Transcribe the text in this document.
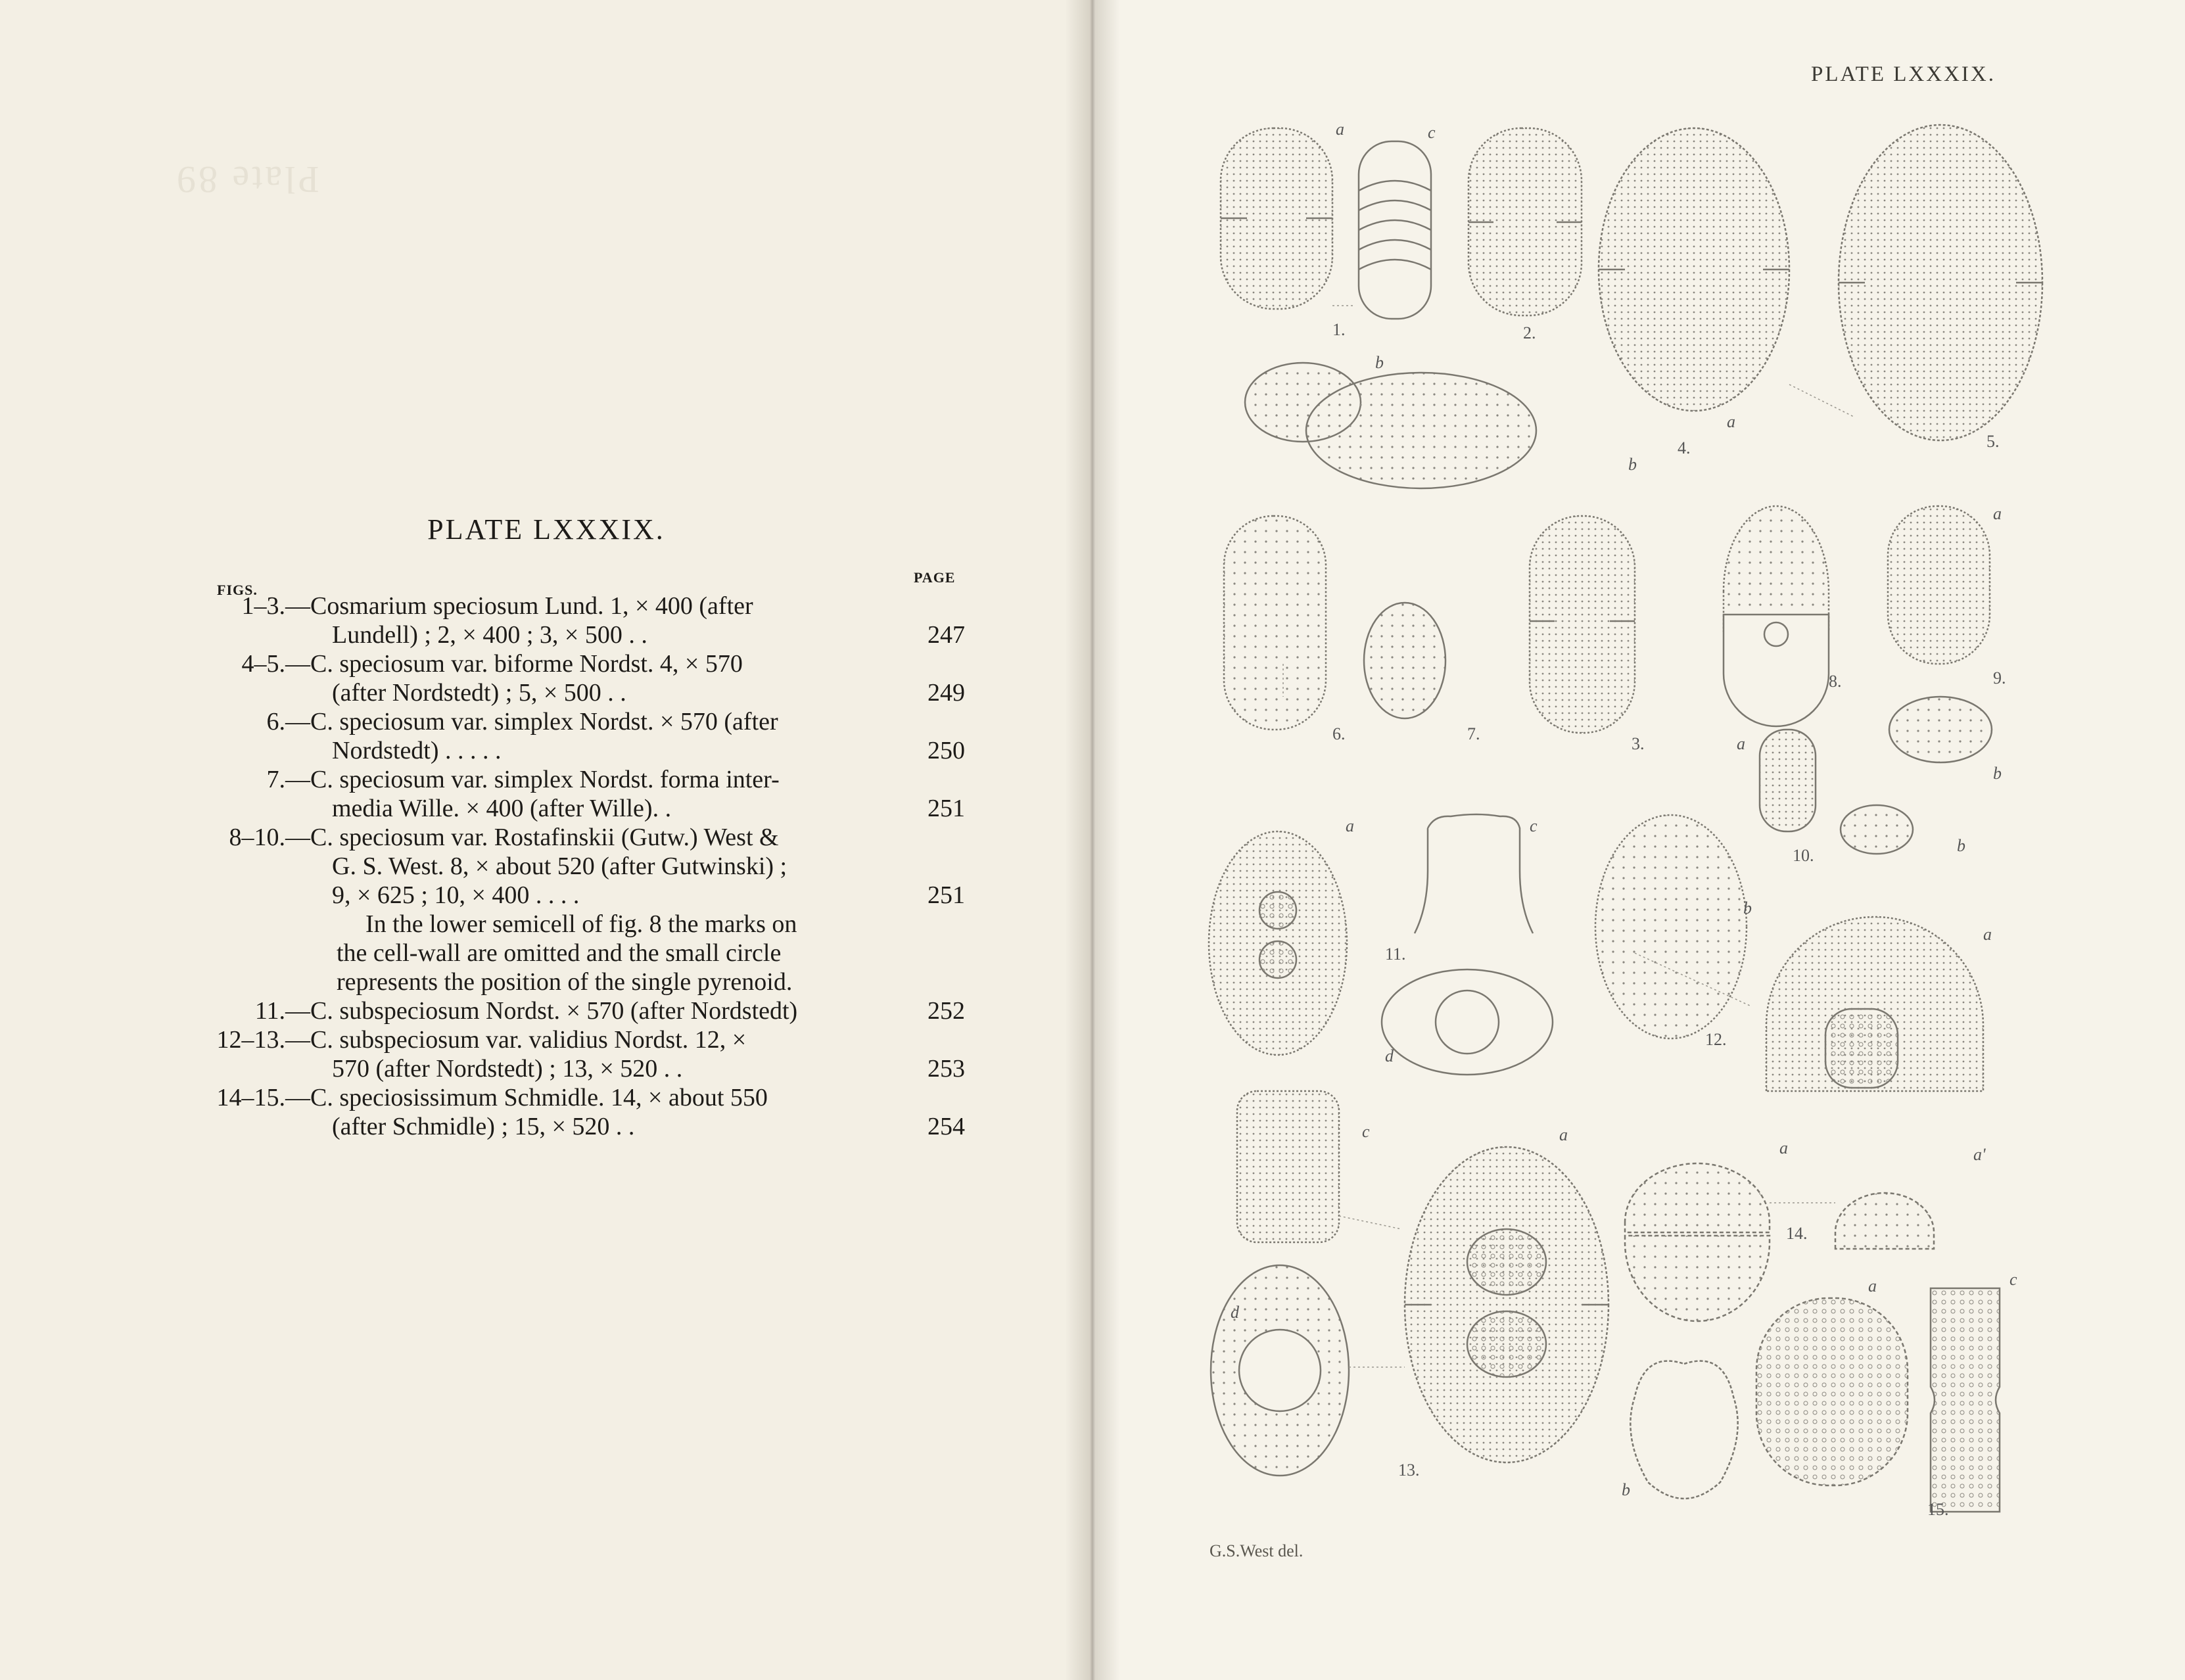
Plate 89
PLATE LXXXIX.
FIGS.
PAGE
1–3.—Cosmarium speciosum Lund. 1, × 400 (after
Lundell) ; 2, × 400 ; 3, × 500 . .	247
4–5.—C. speciosum var. biforme Nordst. 4, × 570
(after Nordstedt) ; 5, × 500 . .	249
6.—C. speciosum var. simplex Nordst. × 570 (after
Nordstedt) . . . . .	250
7.—C. speciosum var. simplex Nordst. forma inter-
media Wille. × 400 (after Wille). .	251
8–10.—C. speciosum var. Rostafinskii (Gutw.) West &
G. S. West. 8, × about 520 (after Gutwinski) ;
9, × 625 ; 10, × 400 . . . .	251
In the lower semicell of fig. 8 the marks on
the cell-wall are omitted and the small circle
represents the position of the single pyrenoid.
11.—C. subspeciosum Nordst. × 570 (after Nordstedt)	252
12–13.—C. subspeciosum var. validius Nordst. 12, ×
570 (after Nordstedt) ; 13, × 520 . .	253
14–15.—C. speciosissimum Schmidle. 14, × about 550
(after Schmidle) ; 15, × 520 . .	254
PLATE LXXXIX.
G.S.West del.
1.	2.
3.
4.	5.
6.	7.
8.	9.
10.
11.
12.
13.
14.
15.
a	c
b
a
b
a
b
a
b
a	c
d
b
a
c
d
a
a	a'
b
a	c
